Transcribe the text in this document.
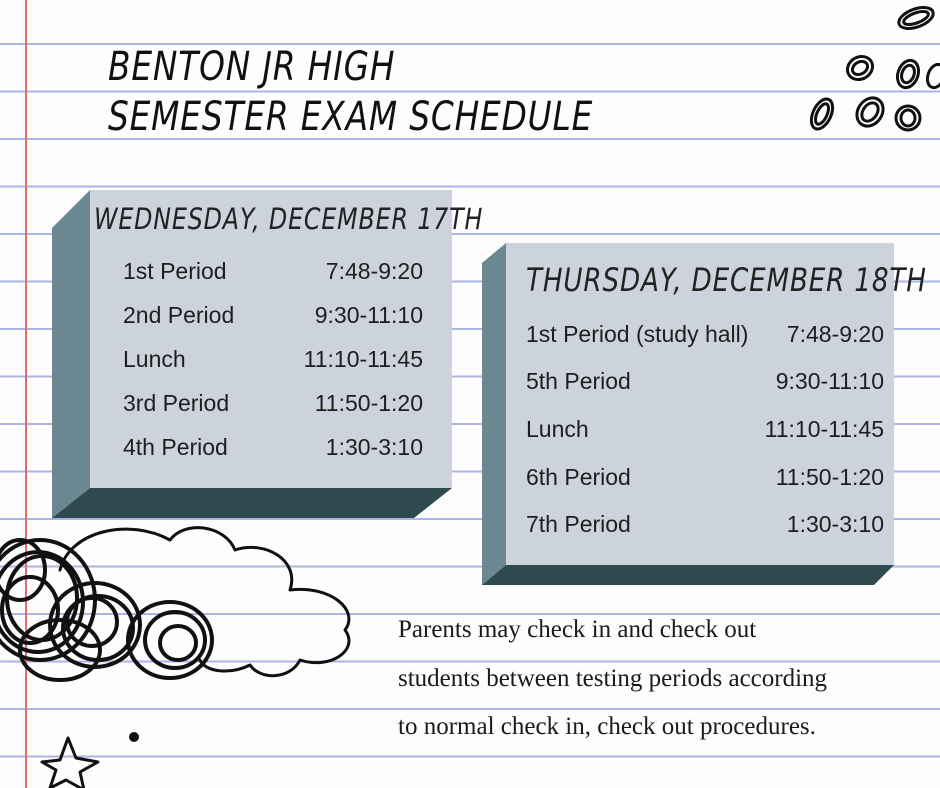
BENTON JR HIGH
SEMESTER EXAM SCHEDULE
WEDNESDAY, DECEMBER 17TH
1st Period	7:48-9:20
2nd Period	9:30-11:10
Lunch	11:10-11:45
3rd Period	11:50-1:20
4th Period	1:30-3:10
THURSDAY, DECEMBER 18TH
1st Period (study hall) 7:48-9:20
5th Period	9:30-11:10
Lunch	11:10-11:45
6th Period	11:50-1:20
7th Period	1:30-3:10
Parents may check in and check out
students between testing periods according
to normal check in, check out procedures.
